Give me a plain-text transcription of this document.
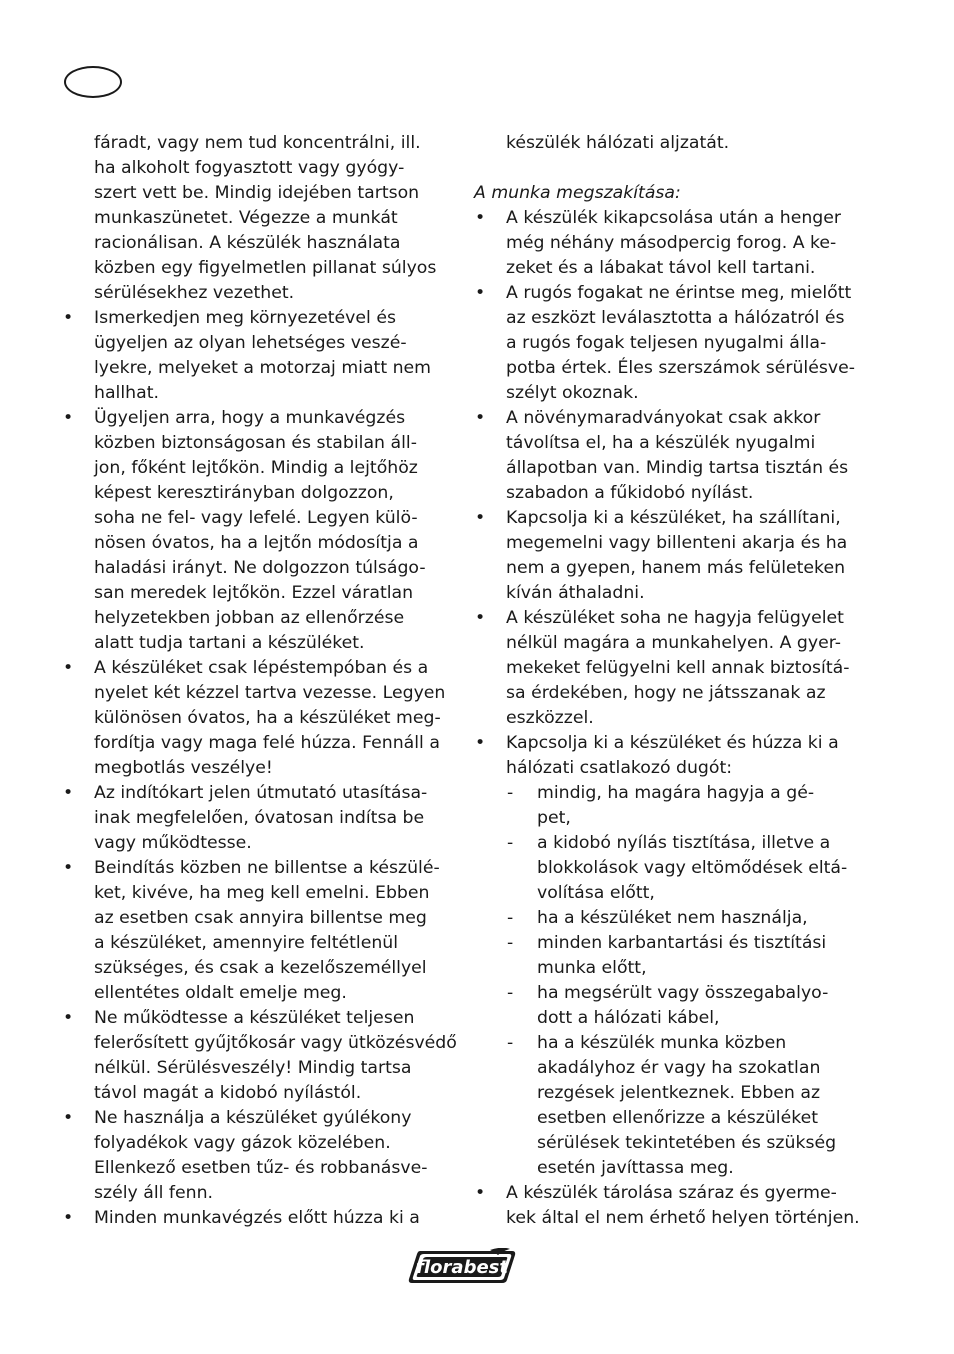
fáradt, vagy nem tud koncentrálni, ill.
ha alkoholt fogyasztott vagy gyógy-
szert vett be. Mindig idejében tartson
munkaszünetet. Végezze a munkát
racionálisan. A készülék használata
közben egy figyelmetlen pillanat súlyos
sérülésekhez vezethet.
• Ismerkedjen meg környezetével és
ügyeljen az olyan lehetséges veszé-
lyekre, melyeket a motorzaj miatt nem
hallhat.
• Ügyeljen arra, hogy a munkavégzés
közben biztonságosan és stabilan áll-
jon, főként lejtőkön. Mindig a lejtőhöz
képest keresztirányban dolgozzon,
soha ne fel- vagy lefelé. Legyen külö-
nösen óvatos, ha a lejtőn módosítja a
haladási irányt. Ne dolgozzon túlságo-
san meredek lejtőkön. Ezzel váratlan
helyzetekben jobban az ellenőrzése
alatt tudja tartani a készüléket.
• A készüléket csak lépéstempóban és a
nyelet két kézzel tartva vezesse. Legyen
különösen óvatos, ha a készüléket meg-
fordítja vagy maga felé húzza. Fennáll a
megbotlás veszélye!
• Az indítókart jelen útmutató utasítása-
inak megfelelően, óvatosan indítsa be
vagy működtesse.
• Beindítás közben ne billentse a készülé-
ket, kivéve, ha meg kell emelni. Ebben
az esetben csak annyira billentse meg
a készüléket, amennyire feltétlenül
szükséges, és csak a kezelőszeméllyel
ellentétes oldalt emelje meg.
• Ne működtesse a készüléket teljesen
felerősített gyűjtőkosár vagy ütközésvédő
nélkül. Sérülésveszély! Mindig tartsa
távol magát a kidobó nyílástól.
• Ne használja a készüléket gyúlékony
folyadékok vagy gázok közelében.
Ellenkező esetben tűz- és robbanásve-
szély áll fenn.
• Minden munkavégzés előtt húzza ki a
készülék hálózati aljzatát.
A munka megszakítása:
• A készülék kikapcsolása után a henger
még néhány másodpercig forog. A ke-
zeket és a lábakat távol kell tartani.
• A rugós fogakat ne érintse meg, mielőtt
az eszközt leválasztotta a hálózatról és
a rugós fogak teljesen nyugalmi álla-
potba értek. Éles szerszámok sérülésve-
szélyt okoznak.
• A növénymaradványokat csak akkor
távolítsa el, ha a készülék nyugalmi
állapotban van. Mindig tartsa tisztán és
szabadon a fűkidobó nyílást.
• Kapcsolja ki a készüléket, ha szállítani,
megemelni vagy billenteni akarja és ha
nem a gyepen, hanem más felületeken
kíván áthaladni.
• A készüléket soha ne hagyja felügyelet
nélkül magára a munkahelyen. A gyer-
mekeket felügyelni kell annak biztosítá-
sa érdekében, hogy ne játsszanak az
eszközzel.
• Kapcsolja ki a készüléket és húzza ki a
hálózati csatlakozó dugót:
- mindig, ha magára hagyja a gé-
pet,
- a kidobó nyílás tisztítása, illetve a
blokkolások vagy eltömődések eltá-
volítása előtt,
- ha a készüléket nem használja,
- minden karbantartási és tisztítási
munka előtt,
- ha megsérült vagy összegabalyo-
dott a hálózati kábel,
- ha a készülék munka közben
akadályhoz ér vagy ha szokatlan
rezgések jelentkeznek. Ebben az
esetben ellenőrizze a készüléket
sérülések tekintetében és szükség
esetén javíttassa meg.
• A készülék tárolása száraz és gyerme-
kek által el nem érhető helyen történjen.
florabest
